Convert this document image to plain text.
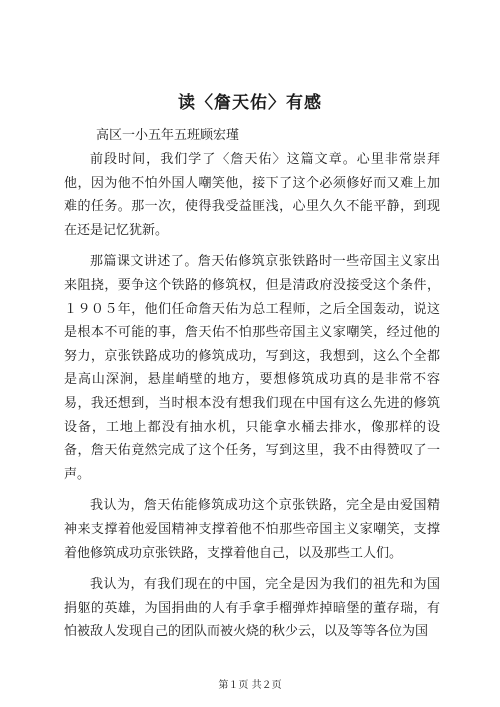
读〈詹天佑〉有感
高区一小五年五班顾宏瑾

前段时间，我们学了〈詹天佑〉这篇文章。心里非常崇拜他，因为他不怕外国人嘲笑他，接下了这个必须修好而又难上加难的任务。那一次，使得我受益匪浅，心里久久不能平静，到现在还是记忆犹新。

那篇课文讲述了。詹天佑修筑京张铁路时一些帝国主义家出来阻挠，要争这个铁路的修筑权，但是清政府没接受这个条件，１９０５年，他们任命詹天佑为总工程师，之后全国轰动，说这是根本不可能的事，詹天佑不怕那些帝国主义家嘲笑，经过他的努力，京张铁路成功的修筑成功，写到这，我想到，这么个全都是高山深涧，悬崖峭壁的地方，要想修筑成功真的是非常不容易，我还想到，当时根本没有想我们现在中国有这么先进的修筑设备，工地上都没有抽水机，只能拿水桶去排水，像那样的设备，詹天佑竟然完成了这个任务，写到这里，我不由得赞叹了一声。

我认为，詹天佑能修筑成功这个京张铁路，完全是由爱国精神来支撑着他爱国精神支撑着他不怕那些帝国主义家嘲笑，支撑着他修筑成功京张铁路，支撑着他自己，以及那些工人们。

我认为，有我们现在的中国，完全是因为我们的祖先和为国捐躯的英雄，为国捐曲的人有手拿手榴弹炸掉暗堡的董存瑞，有怕被敌人发现自己的团队而被火烧的秋少云，以及等等各位为国

第１页 共２页
